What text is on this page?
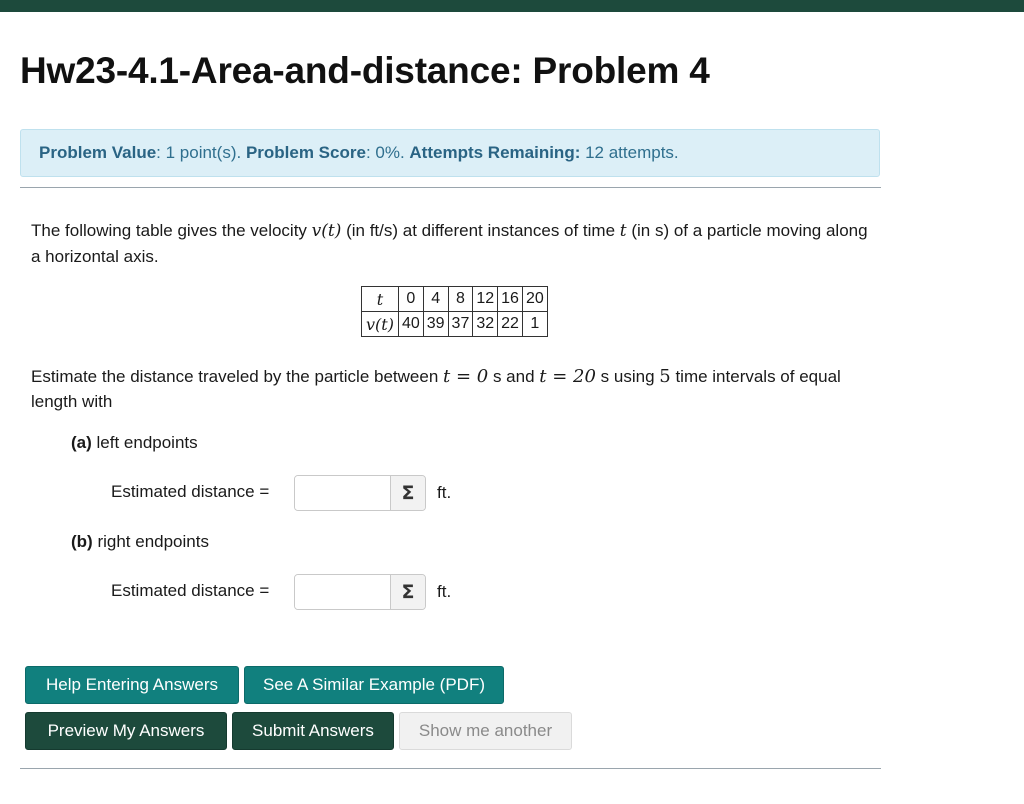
Hw23-4.1-Area-and-distance: Problem 4
Problem Value: 1 point(s). Problem Score: 0%. Attempts Remaining: 12 attempts.

The following table gives the velocity v(t) (in ft/s) at different instances of time t (in s) of a particle moving along a horizontal axis.

t	0	4	8	12	16	20
v(t)	40	39	37	32	22	1

Estimate the distance traveled by the particle between t = 0 s and t = 20 s using 5 time intervals of equal length with

(a) left endpoints
Estimated distance =	Σ	ft.
(b) right endpoints
Estimated distance =	Σ	ft.
Help Entering Answers	See A Similar Example (PDF)
Preview My Answers	Submit Answers	Show me another
